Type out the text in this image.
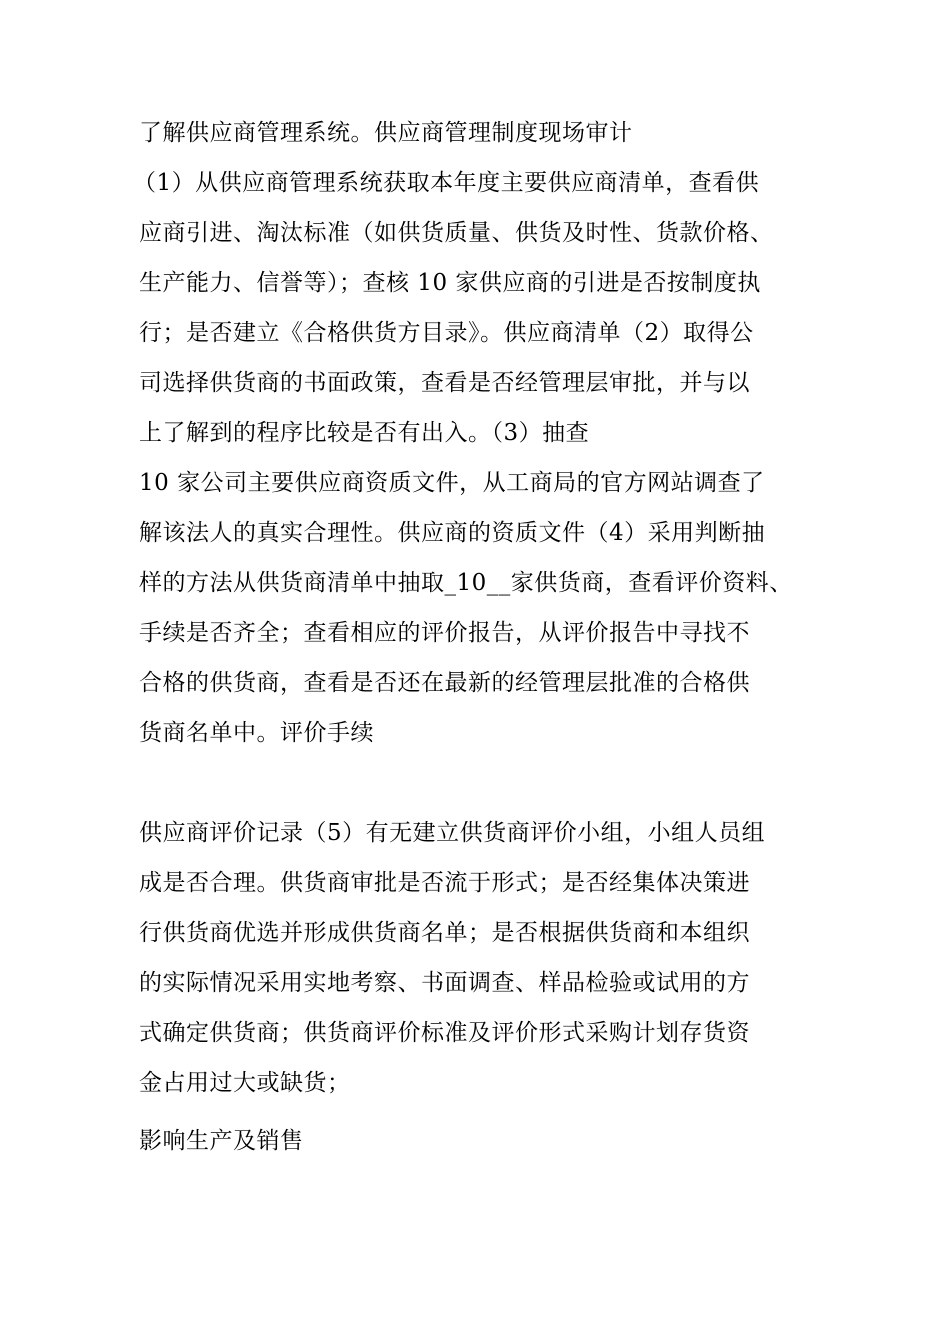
了解供应商管理系统。供应商管理制度现场审计
（1）从供应商管理系统获取本年度主要供应商清单，查看供
应商引进、淘汰标准（如供货质量、供货及时性、货款价格、
生产能力、信誉等）；查核 10 家供应商的引进是否按制度执
行；是否建立《合格供货方目录》。供应商清单（2）取得公
司选择供货商的书面政策，查看是否经管理层审批，并与以
上了解到的程序比较是否有出入。（3）抽查
10 家公司主要供应商资质文件，从工商局的官方网站调查了
解该法人的真实合理性。供应商的资质文件（4）采用判断抽
样的方法从供货商清单中抽取_10__家供货商，查看评价资料、
手续是否齐全；查看相应的评价报告，从评价报告中寻找不
合格的供货商，查看是否还在最新的经管理层批准的合格供
货商名单中。评价手续
供应商评价记录（5）有无建立供货商评价小组，小组人员组
成是否合理。供货商审批是否流于形式；是否经集体决策进
行供货商优选并形成供货商名单；是否根据供货商和本组织
的实际情况采用实地考察、书面调查、样品检验或试用的方
式确定供货商；供货商评价标准及评价形式采购计划存货资
金占用过大或缺货；
影响生产及销售
